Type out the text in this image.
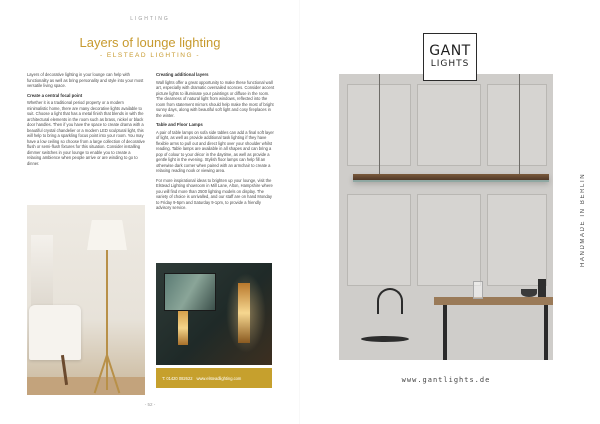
LIGHTING
Layers of lounge lighting
- ELSTEAD LIGHTING -

Layers of decorative lighting in your lounge can help with functionality as well as bring personality and style into your most versatile living space.

Create a central focal point

Whether it is a traditional period property or a modern minimalistic home, there are many decorative lights available to suit. Choose a light that has a metal finish that blends in with the architectural elements in the room such as brass, nickel or black door handles. Then if you have the space to create drama with a beautiful crystal chandelier or a modern LED sculptural light, this will help to bring a sparkling focus point into your room. You may have a low ceiling so choose from a large collection of decorative flush or semi-flush fixtures for this situation. Consider installing dimmer switches in your lounge to enable you to create a relaxing ambience when people arrive or are winding to go to dinner.

Creating additional layers

Wall lights offer a great opportunity to make these functional wall art, especially with dramatic oversailed sconces. Consider accent picture lights to illuminate your paintings or diffuse in the room. The clearness of natural light from windows, reflected into the room from statement mirrors should help make the most of bright sunny days, along with beautiful soft light and cosy fireplaces in the winter.

Table and Floor Lamps

A pair of table lamps on sofa side tables can add a final soft layer of light, as well as provide additional task lighting if they have flexible arms to pull out and direct light over your shoulder whilst reading. Table lamps are available in all shapes and can bring a pop of colour to your décor in the daytime, as well as provide a gentle light in the evening. Stylish floor lamps can help fill an otherwise dark corner when paired with an armchair to create a relaxing reading nook or viewing area.

For more inspirational ideas to brighten up your lounge, visit the Elstead Lighting showroom in Mill Lane, Alton, Hampshire where you will find more than 2500 lighting models on display. The variety of choice is unrivalled, and our staff are on hand Monday to Friday 9-5pm and Saturday 9-1pm, to provide a friendly advisory service.

T: 01420 082622 www.elsteadlighting.com
- 52 -
GANT
LIGHTS
HANDMADE IN BERLIN
www.gantlights.de
